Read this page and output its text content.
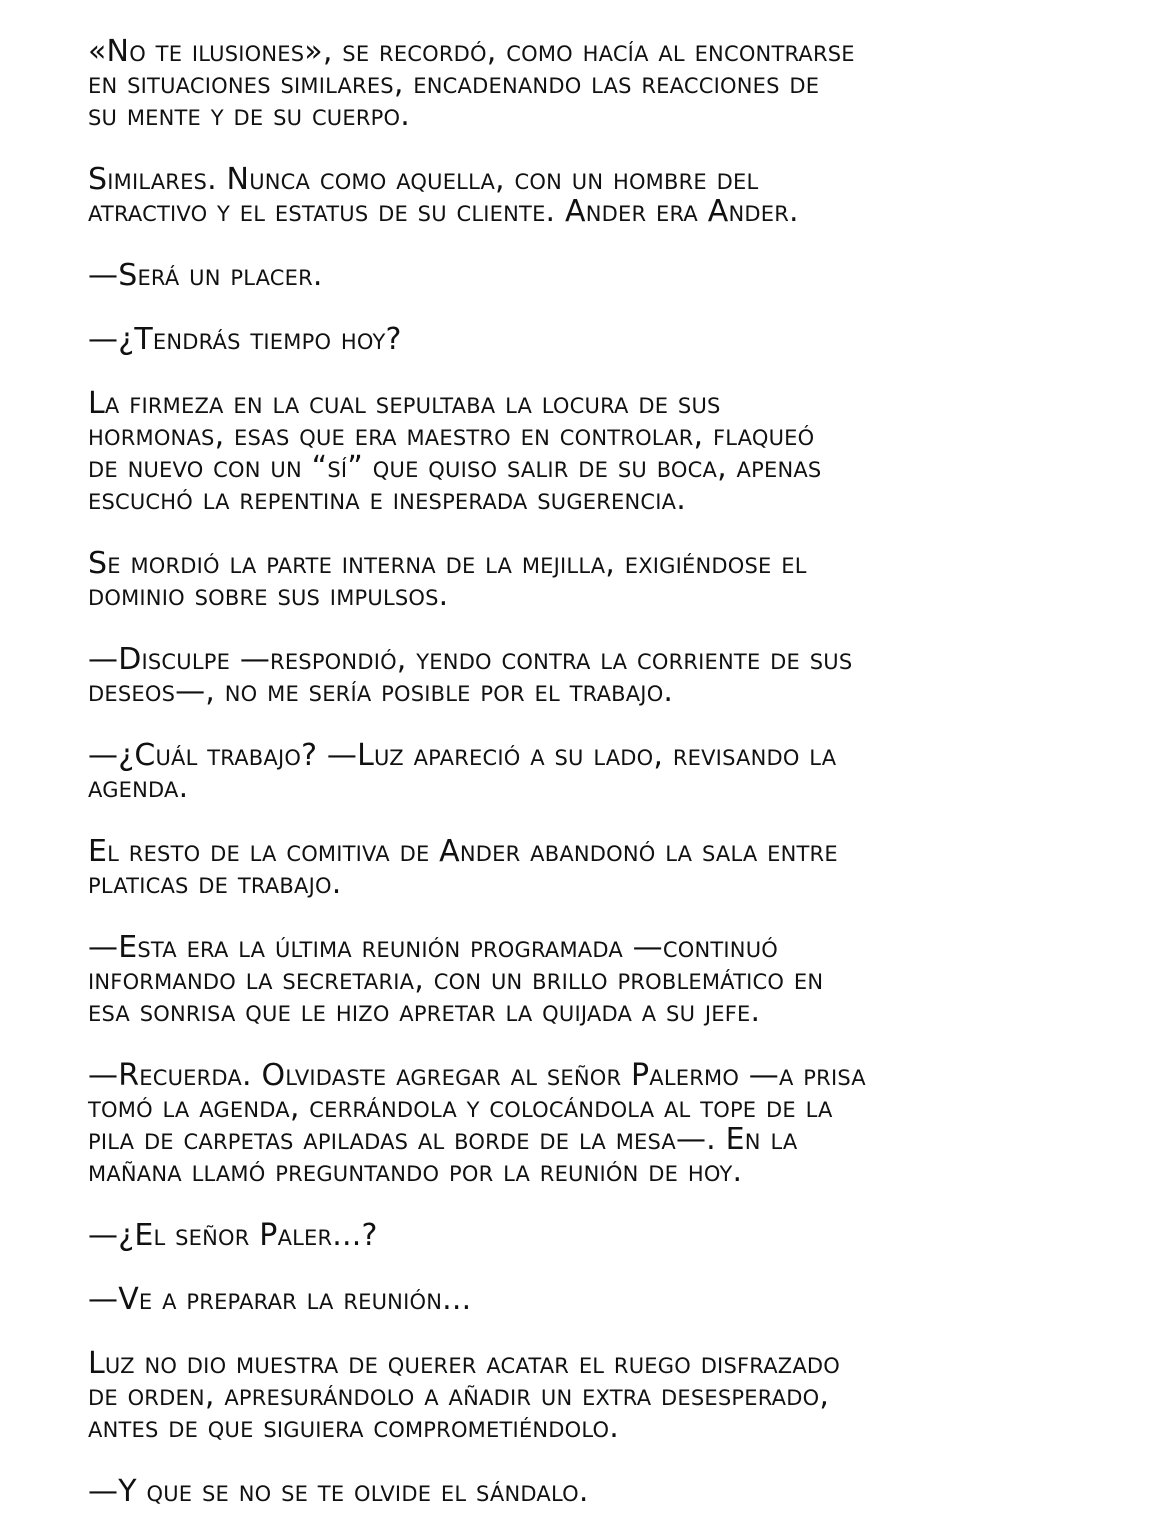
«No te ilusiones», se recordó, como hacía al encontrarse
en situaciones similares, encadenando las reacciones de
su mente y de su cuerpo.

Similares. Nunca como aquella, con un hombre del
atractivo y el estatus de su cliente. Ander era Ander.

—Será un placer.

—¿Tendrás tiempo hoy?

La firmeza en la cual sepultaba la locura de sus
hormonas, esas que era maestro en controlar, flaqueó
de nuevo con un “sí” que quiso salir de su boca, apenas
escuchó la repentina e inesperada sugerencia.

Se mordió la parte interna de la mejilla, exigiéndose el
dominio sobre sus impulsos.

—Disculpe —respondió, yendo contra la corriente de sus
deseos—, no me sería posible por el trabajo.

—¿Cuál trabajo? —Luz apareció a su lado, revisando la
agenda.

El resto de la comitiva de Ander abandonó la sala entre
platicas de trabajo.

—Esta era la última reunión programada —continuó
informando la secretaria, con un brillo problemático en
esa sonrisa que le hizo apretar la quijada a su jefe.

—Recuerda. Olvidaste agregar al señor Palermo —a prisa
tomó la agenda, cerrándola y colocándola al tope de la
pila de carpetas apiladas al borde de la mesa—. En la
mañana llamó preguntando por la reunión de hoy.

—¿El señor Paler...?

—Ve a preparar la reunión...

Luz no dio muestra de querer acatar el ruego disfrazado
de orden, apresurándolo a añadir un extra desesperado,
antes de que siguiera comprometiéndolo.

—Y que se no se te olvide el sándalo.
